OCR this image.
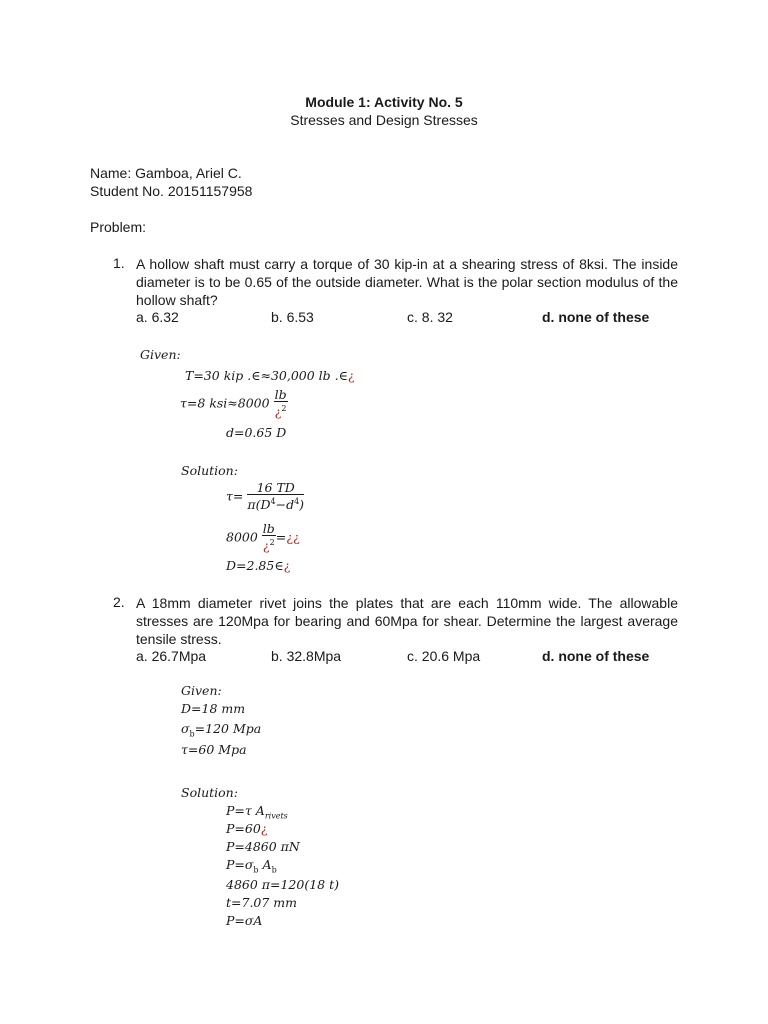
Module 1: Activity No. 5
Stresses and Design Stresses
Name: Gamboa, Ariel C.
Student No. 20151157958
Problem:
1. A hollow shaft must carry a torque of 30 kip-in at a shearing stress of 8ksi. The inside diameter is to be 0.65 of the outside diameter. What is the polar section modulus of the hollow shaft?
a. 6.32	b. 6.53	c. 8. 32	d. none of these
Given:
T=30 kip .∈≈30,000 lb .∈¿
τ=8 $ksi\approx 8000 \frac{lb}{¿^2}$
d=0.65 D
Solution:
$\tau= \frac{16 TD}{\pi(D^4-d^4)}$
$8000 \frac{lb}{¿^2}$ =¿¿
D=2.85∈¿
2. A 18mm diameter rivet joins the plates that are each 110mm wide. The allowable stresses are 120Mpa for bearing and 60Mpa for shear. Determine the largest average tensile stress.
a. 26.7Mpa	b. 32.8Mpa	c. 20.6 Mpa	d. none of these
Given:
D=18 mm
$\sigma_b=120$ Mpa
τ=60 Mpa
Solution:
P=τ $A_{rivets}$
P=60¿
P=4860 πN
$P=\sigma_b$ $A_b$
4860 π=120(18 t)
t=7.07 mm
P=σA
